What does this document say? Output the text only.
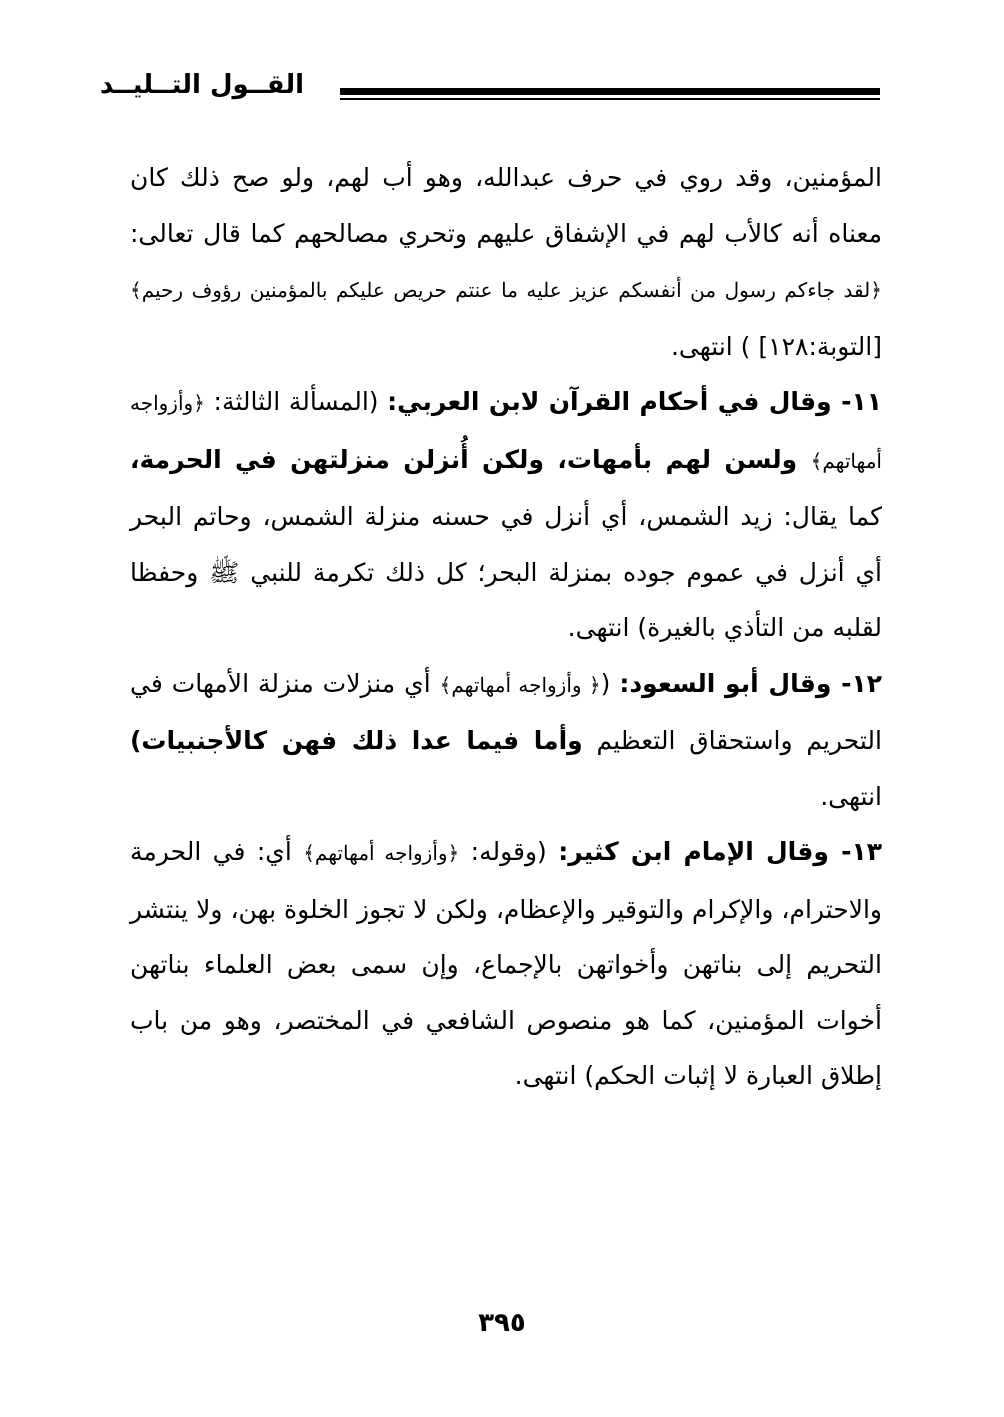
القــول التــليــد

المؤمنين، وقد روي في حرف عبدالله، وهو أب لهم، ولو صح ذلك كان معناه أنه كالأب لهم في الإشفاق عليهم وتحري مصالحهم كما قال تعالى: ﴿لقد جاءكم رسول من أنفسكم عزيز عليه ما عنتم حريص عليكم بالمؤمنين رؤوف رحيم﴾[التوبة:١٢٨] ) انتهى.

١١- وقال في أحكام القرآن لابن العربي: (المسألة الثالثة: ﴿وأزواجه أمهاتهم﴾ ولسن لهم بأمهات، ولكن أُنزلن منزلتهن في الحرمة، كما يقال: زيد الشمس، أي أنزل في حسنه منزلة الشمس، وحاتم البحر أي أنزل في عموم جوده بمنزلة البحر؛ كل ذلك تكرمة للنبي ﷺ وحفظا لقلبه من التأذي بالغيرة) انتهى.

١٢- وقال أبو السعود: (﴿ وأزواجه أمهاتهم﴾ أي منزلات منزلة الأمهات في التحريم واستحقاق التعظيم وأما فيما عدا ذلك فهن كالأجنبيات) انتهى.

١٣- وقال الإمام ابن كثير: (وقوله: ﴿وأزواجه أمهاتهم﴾ أي: في الحرمة والاحترام، والإكرام والتوقير والإعظام، ولكن لا تجوز الخلوة بهن، ولا ينتشر التحريم إلى بناتهن وأخواتهن بالإجماع، وإن سمى بعض العلماء بناتهن أخوات المؤمنين، كما هو منصوص الشافعي في المختصر، وهو من باب إطلاق العبارة لا إثبات الحكم) انتهى.

٣٩٥
